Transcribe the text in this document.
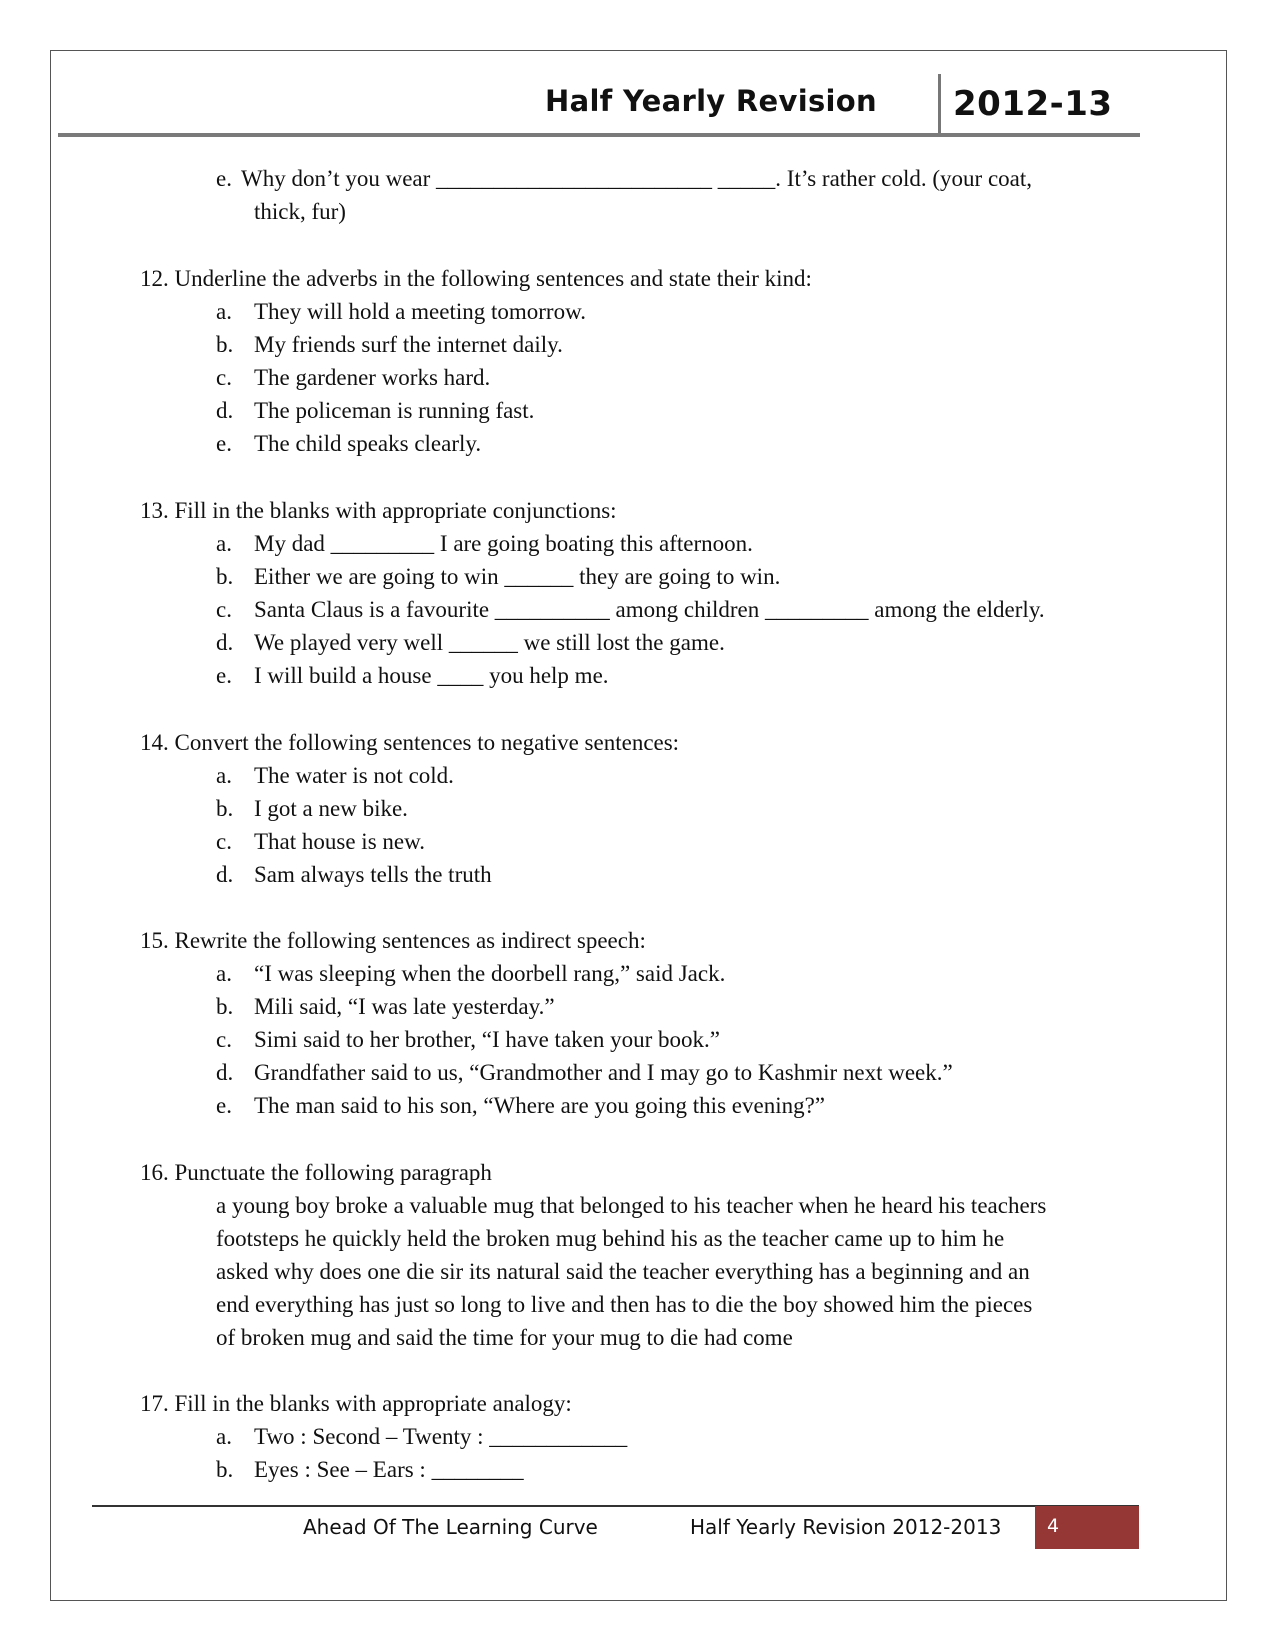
Half Yearly Revision 2012-13
e. Why don’t you wear ________________________ _____. It’s rather cold. (your coat,
thick, fur)
12. Underline the adverbs in the following sentences and state their kind:
a. They will hold a meeting tomorrow.
b. My friends surf the internet daily.
c. The gardener works hard.
d. The policeman is running fast.
e. The child speaks clearly.
13. Fill in the blanks with appropriate conjunctions:
a. My dad _________ I are going boating this afternoon.
b. Either we are going to win ______ they are going to win.
c. Santa Claus is a favourite __________ among children _________ among the elderly.
d. We played very well ______ we still lost the game.
e. I will build a house ____ you help me.
14. Convert the following sentences to negative sentences:
a. The water is not cold.
b. I got a new bike.
c. That house is new.
d. Sam always tells the truth
15. Rewrite the following sentences as indirect speech:
a. “I was sleeping when the doorbell rang,” said Jack.
b. Mili said, “I was late yesterday.”
c. Simi said to her brother, “I have taken your book.”
d. Grandfather said to us, “Grandmother and I may go to Kashmir next week.”
e. The man said to his son, “Where are you going this evening?”
16. Punctuate the following paragraph
a young boy broke a valuable mug that belonged to his teacher when he heard his teachers
footsteps he quickly held the broken mug behind his as the teacher came up to him he
asked why does one die sir its natural said the teacher everything has a beginning and an
end everything has just so long to live and then has to die the boy showed him the pieces
of broken mug and said the time for your mug to die had come
17. Fill in the blanks with appropriate analogy:
a. Two : Second – Twenty : ____________
b. Eyes : See – Ears : ________
Ahead Of The Learning Curve	Half Yearly Revision 2012-2013	4
